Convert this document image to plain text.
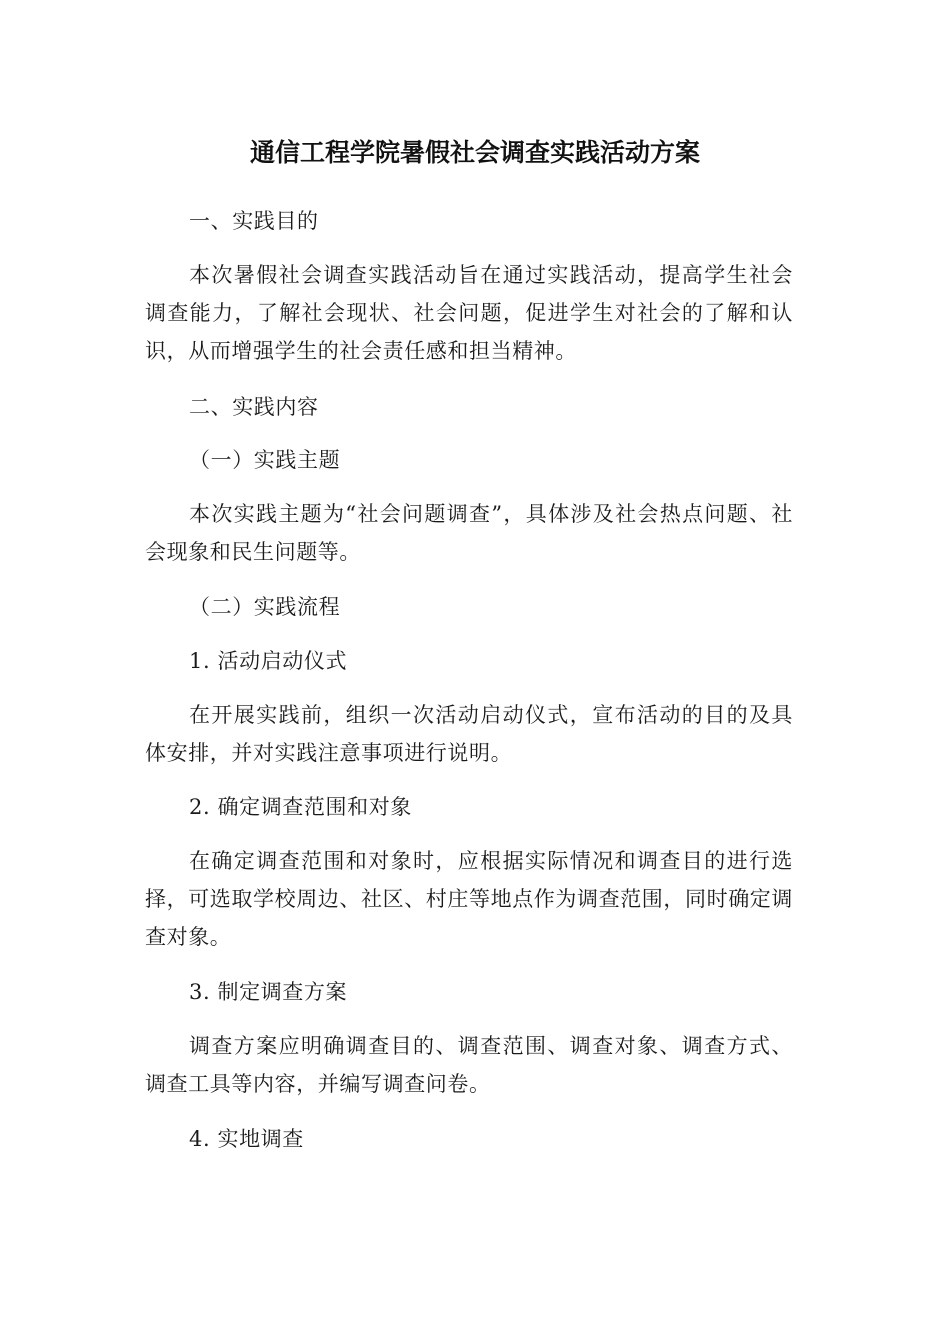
通信工程学院暑假社会调查实践活动方案

一、实践目的

本次暑假社会调查实践活动旨在通过实践活动，提高学生社会调查能力，了解社会现状、社会问题，促进学生对社会的了解和认识，从而增强学生的社会责任感和担当精神。

二、实践内容

（一）实践主题

本次实践主题为“社会问题调查”，具体涉及社会热点问题、社会现象和民生问题等。

（二）实践流程

1. 活动启动仪式

在开展实践前，组织一次活动启动仪式，宣布活动的目的及具体安排，并对实践注意事项进行说明。

2. 确定调查范围和对象

在确定调查范围和对象时，应根据实际情况和调查目的进行选择，可选取学校周边、社区、村庄等地点作为调查范围，同时确定调查对象。

3. 制定调查方案

调查方案应明确调查目的、调查范围、调查对象、调查方式、调查工具等内容，并编写调查问卷。

4. 实地调查
